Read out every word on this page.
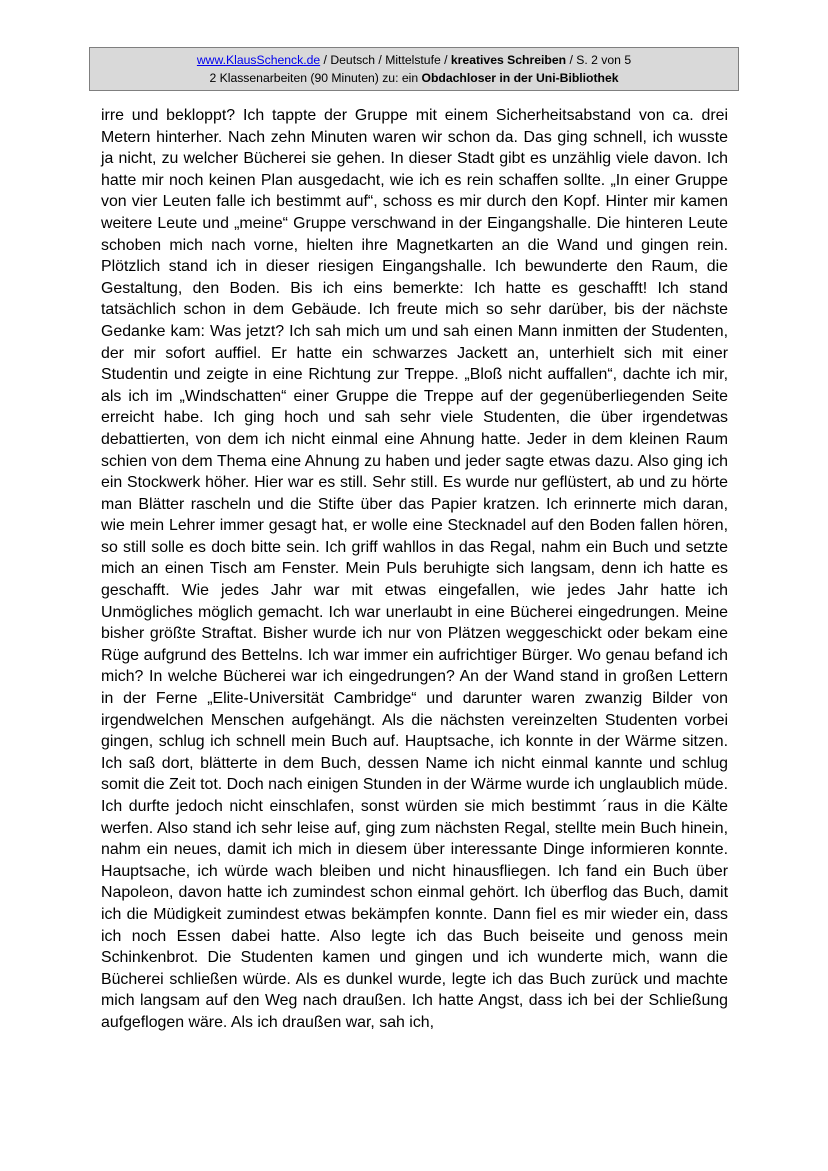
www.KlausSchenck.de / Deutsch / Mittelstufe / kreatives Schreiben / S. 2 von 5
2 Klassenarbeiten (90 Minuten) zu: ein Obdachloser in der Uni-Bibliothek

irre und bekloppt? Ich tappte der Gruppe mit einem Sicherheitsabstand von ca. drei Metern hinterher. Nach zehn Minuten waren wir schon da. Das ging schnell, ich wusste ja nicht, zu welcher Bücherei sie gehen. In dieser Stadt gibt es unzählig viele davon. Ich hatte mir noch keinen Plan ausgedacht, wie ich es rein schaffen sollte. „In einer Gruppe von vier Leuten falle ich bestimmt auf“, schoss es mir durch den Kopf. Hinter mir kamen weitere Leute und „meine“ Gruppe verschwand in der Eingangshalle. Die hinteren Leute schoben mich nach vorne, hielten ihre Magnetkarten an die Wand und gingen rein. Plötzlich stand ich in dieser riesigen Eingangshalle. Ich bewunderte den Raum, die Gestaltung, den Boden. Bis ich eins bemerkte: Ich hatte es geschafft! Ich stand tatsächlich schon in dem Gebäude. Ich freute mich so sehr darüber, bis der nächste Gedanke kam: Was jetzt? Ich sah mich um und sah einen Mann inmitten der Studenten, der mir sofort auffiel. Er hatte ein schwarzes Jackett an, unterhielt sich mit einer Studentin und zeigte in eine Richtung zur Treppe. „Bloß nicht auffallen“, dachte ich mir, als ich im „Windschatten“ einer Gruppe die Treppe auf der gegenüberliegenden Seite erreicht habe. Ich ging hoch und sah sehr viele Studenten, die über irgendetwas debattierten, von dem ich nicht einmal eine Ahnung hatte. Jeder in dem kleinen Raum schien von dem Thema eine Ahnung zu haben und jeder sagte etwas dazu. Also ging ich ein Stockwerk höher. Hier war es still. Sehr still. Es wurde nur geflüstert, ab und zu hörte man Blätter rascheln und die Stifte über das Papier kratzen. Ich erinnerte mich daran, wie mein Lehrer immer gesagt hat, er wolle eine Stecknadel auf den Boden fallen hören, so still solle es doch bitte sein. Ich griff wahllos in das Regal, nahm ein Buch und setzte mich an einen Tisch am Fenster. Mein Puls beruhigte sich langsam, denn ich hatte es geschafft. Wie jedes Jahr war mit etwas eingefallen, wie jedes Jahr hatte ich Unmögliches möglich gemacht. Ich war unerlaubt in eine Bücherei eingedrungen. Meine bisher größte Straftat. Bisher wurde ich nur von Plätzen weggeschickt oder bekam eine Rüge aufgrund des Bettelns. Ich war immer ein aufrichtiger Bürger. Wo genau befand ich mich? In welche Bücherei war ich eingedrungen? An der Wand stand in großen Lettern in der Ferne „Elite-Universität Cambridge“ und darunter waren zwanzig Bilder von irgendwelchen Menschen aufgehängt. Als die nächsten vereinzelten Studenten vorbei gingen, schlug ich schnell mein Buch auf. Hauptsache, ich konnte in der Wärme sitzen. Ich saß dort, blätterte in dem Buch, dessen Name ich nicht einmal kannte und schlug somit die Zeit tot. Doch nach einigen Stunden in der Wärme wurde ich unglaublich müde. Ich durfte jedoch nicht einschlafen, sonst würden sie mich bestimmt ´raus in die Kälte werfen. Also stand ich sehr leise auf, ging zum nächsten Regal, stellte mein Buch hinein, nahm ein neues, damit ich mich in diesem über interessante Dinge informieren konnte. Hauptsache, ich würde wach bleiben und nicht hinausfliegen. Ich fand ein Buch über Napoleon, davon hatte ich zumindest schon einmal gehört. Ich überflog das Buch, damit ich die Müdigkeit zumindest etwas bekämpfen konnte. Dann fiel es mir wieder ein, dass ich noch Essen dabei hatte. Also legte ich das Buch beiseite und genoss mein Schinkenbrot. Die Studenten kamen und gingen und ich wunderte mich, wann die Bücherei schließen würde. Als es dunkel wurde, legte ich das Buch zurück und machte mich langsam auf den Weg nach draußen. Ich hatte Angst, dass ich bei der Schließung aufgeflogen wäre. Als ich draußen war, sah ich,
